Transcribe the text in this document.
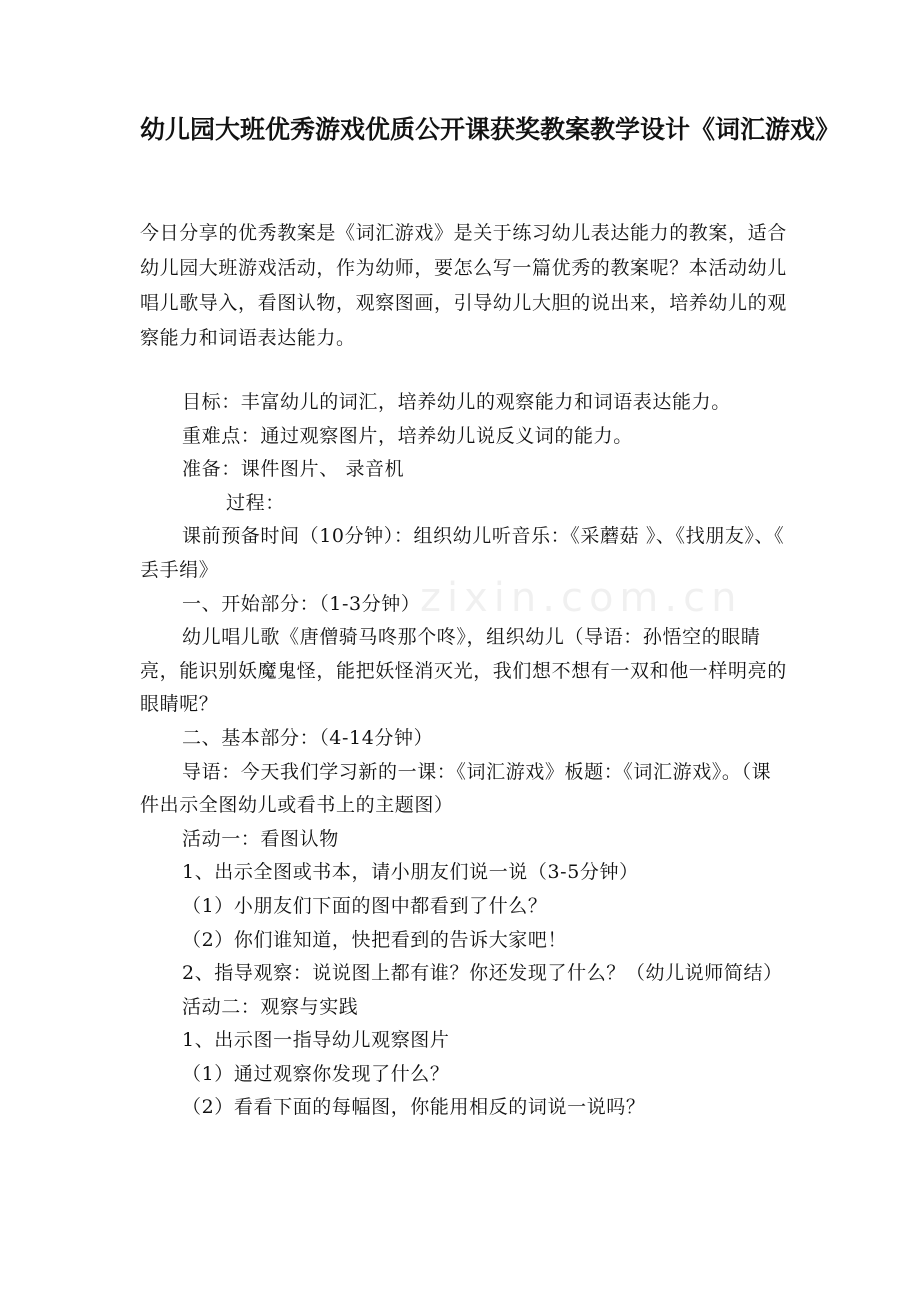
幼儿园大班优秀游戏优质公开课获奖教案教学设计《词汇游戏》

今日分享的优秀教案是《词汇游戏》是关于练习幼儿表达能力的教案，适合幼儿园大班游戏活动，作为幼师，要怎么写一篇优秀的教案呢？本活动幼儿唱儿歌导入，看图认物，观察图画，引导幼儿大胆的说出来，培养幼儿的观察能力和词语表达能力。

目标：丰富幼儿的词汇，培养幼儿的观察能力和词语表达能力。

重难点：通过观察图片，培养幼儿说反义词的能力。

准备：课件图片、 录音机

过程：

课前预备时间（10分钟）：组织幼儿听音乐：《采蘑菇 》、《找朋友》、《 丢手绢》

一、开始部分：（1-3分钟）

幼儿唱儿歌《唐僧骑马咚那个咚》，组织幼儿（导语：孙悟空的眼睛亮，能识别妖魔鬼怪，能把妖怪消灭光，我们想不想有一双和他一样明亮的眼睛呢？

二、基本部分：（4-14分钟）

导语：今天我们学习新的一课：《词汇游戏》板题：《词汇游戏》。（课件出示全图幼儿或看书上的主题图）

活动一：看图认物

1、出示全图或书本，请小朋友们说一说（3-5分钟）

（1）小朋友们下面的图中都看到了什么？

（2）你们谁知道，快把看到的告诉大家吧！

2、指导观察：说说图上都有谁？你还发现了什么？（幼儿说师简结）

活动二：观察与实践

1、出示图一指导幼儿观察图片

（1）通过观察你发现了什么？

（2）看看下面的每幅图，你能用相反的词说一说吗？

zixin.com.cn
